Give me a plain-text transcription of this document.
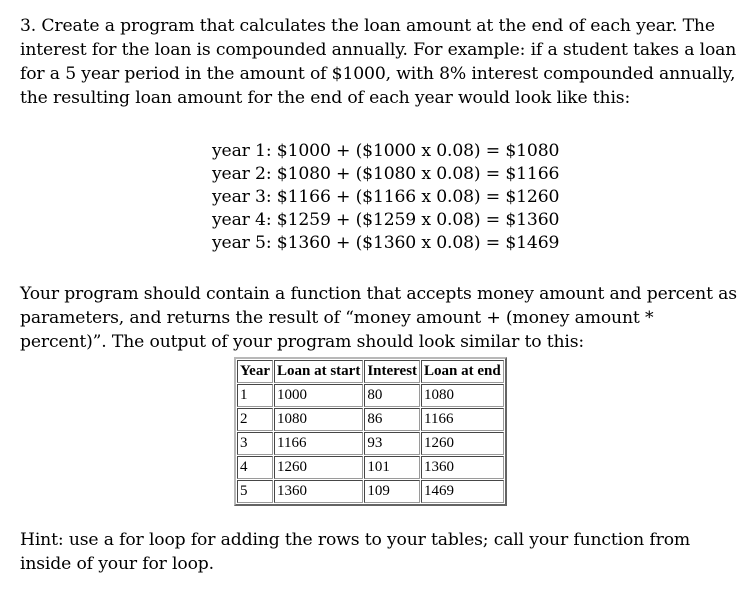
3. Create a program that calculates the loan amount at the end of each year. The interest for the loan is compounded annually. For example: if a student takes a loan for a 5 year period in the amount of $1000, with 8% interest compounded annually, the resulting loan amount for the end of each year would look like this:

year 1: $1000 + ($1000 x 0.08) = $1080
year 2: $1080 + ($1080 x 0.08) = $1166
year 3: $1166 + ($1166 x 0.08) = $1260
year 4: $1259 + ($1259 x 0.08) = $1360
year 5: $1360 + ($1360 x 0.08) = $1469

Your program should contain a function that accepts money amount and percent as parameters, and returns the result of “money amount + (money amount * percent)”. The output of your program should look similar to this:

Year	Loan at start	Interest	Loan at end
1	1000	80	1080
2	1080	86	1166
3	1166	93	1260
4	1260	101	1360
5	1360	109	1469

Hint: use a for loop for adding the rows to your tables; call your function from inside of your for loop.
